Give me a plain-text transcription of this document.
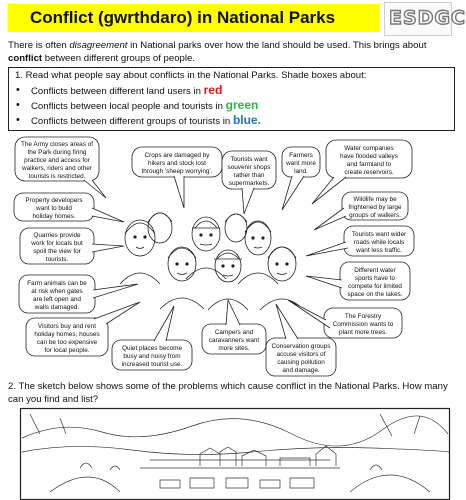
Conflict (gwrthdaro) in National Parks	ESDGC
There is often disagreement in National parks over how the land should be used. This brings about conflict between different groups of people.
1. Read what people say about conflicts in the National Parks. Shade boxes about:
• Conflicts between different land users in red
• Conflicts between local people and tourists in green
• Conflicts between different groups of tourists in blue.
The Army closes areas of the Park during firing practice and access for walkers, riders and other tourists is restricted.
Crops are damaged by hikers and stock lost through 'sheep worrying'.
Tourists want souvenir shops rather than supermarkets.
Farmers want more land.
Water companies have flooded valleys and farmland to create reservoirs.
Property developers want to build holiday homes.
Wildlife may be frightened by large groups of walkers.
Quarries provide work for locals but spoil the view for tourists.
Tourists want wider roads while locals want less traffic.
Different water sports have to compete for limited space on the lakes.
Farm animals can be at risk when gates are left open and walls damaged.
The Forestry Commission wants to plant more trees.
Visitors buy and rent holiday homes; houses can be too expensive for local people.
Campers and caravanners want more sites.
Quiet places become busy and noisy from increased tourist use.
Conservation groups accuse visitors of causing pollution and damage.
2. The sketch below shows some of the problems which cause conflict in the National Parks. How many can you find and list?
